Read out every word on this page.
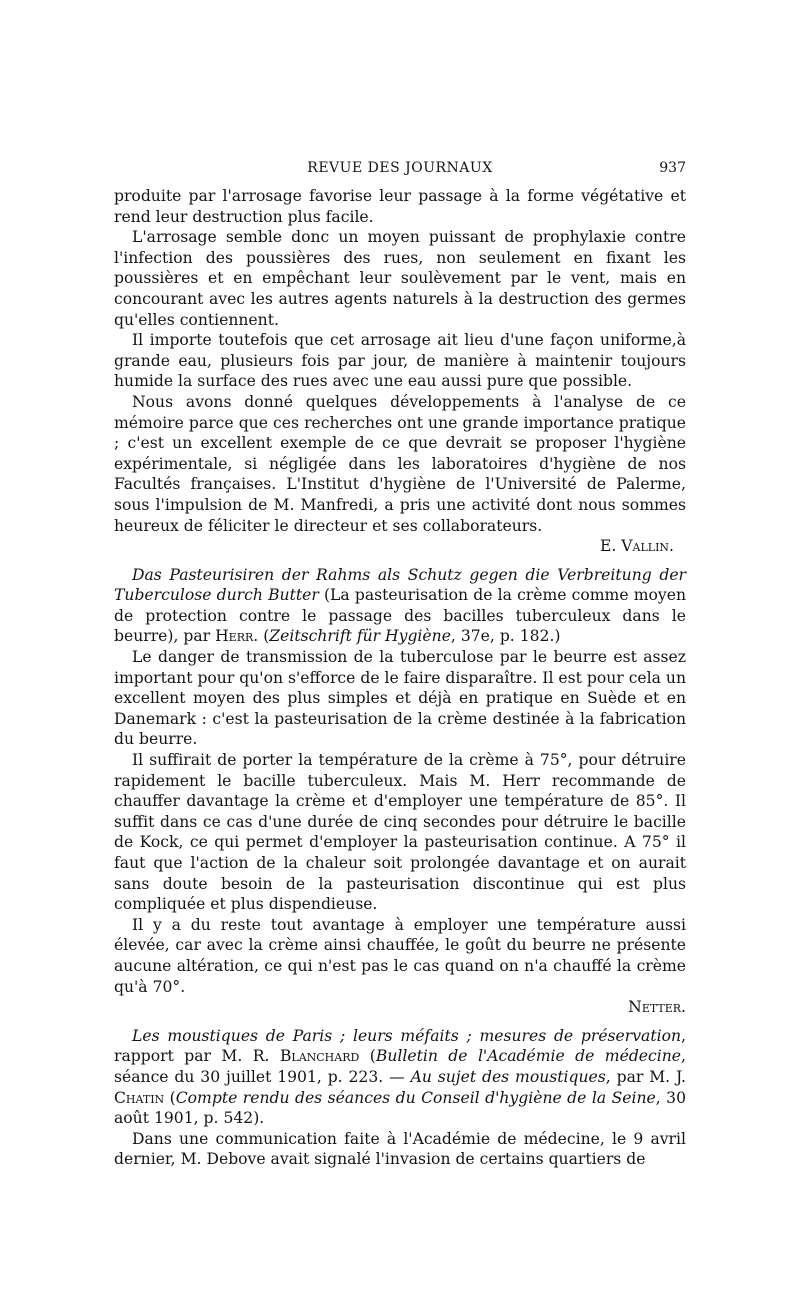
REVUE DES JOURNAUX	937

produite par l'arrosage favorise leur passage à la forme végétative et rend leur destruction plus facile.

L'arrosage semble donc un moyen puissant de prophylaxie contre l'infection des poussières des rues, non seulement en fixant les poussières et en empêchant leur soulèvement par le vent, mais en concourant avec les autres agents naturels à la destruction des germes qu'elles contiennent.

Il importe toutefois que cet arrosage ait lieu d'une façon uniforme,à grande eau, plusieurs fois par jour, de manière à maintenir toujours humide la surface des rues avec une eau aussi pure que possible.

Nous avons donné quelques développements à l'analyse de ce mémoire parce que ces recherches ont une grande importance pratique ; c'est un excellent exemple de ce que devrait se proposer l'hygiène expérimentale, si négligée dans les laboratoires d'hygiène de nos Facultés françaises. L'Institut d'hygiène de l'Université de Palerme, sous l'impulsion de M. Manfredi, a pris une activité dont nous sommes heureux de féliciter le directeur et ses collaborateurs.

E. Vallin.

Das Pasteurisiren der Rahms als Schutz gegen die Verbreitung der Tuberculose durch Butter (La pasteurisation de la crème comme moyen de protection contre le passage des bacilles tuberculeux dans le beurre), par Herr. (Zeitschrift für Hygiène, 37e, p. 182.)

Le danger de transmission de la tuberculose par le beurre est assez important pour qu'on s'efforce de le faire disparaître. Il est pour cela un excellent moyen des plus simples et déjà en pratique en Suède et en Danemark : c'est la pasteurisation de la crème destinée à la fabrication du beurre.

Il suffirait de porter la température de la crème à 75°, pour détruire rapidement le bacille tuberculeux. Mais M. Herr recommande de chauffer davantage la crème et d'employer une température de 85°. Il suffit dans ce cas d'une durée de cinq secondes pour détruire le bacille de Kock, ce qui permet d'employer la pasteurisation continue. A 75° il faut que l'action de la chaleur soit prolongée davantage et on aurait sans doute besoin de la pasteurisation discontinue qui est plus compliquée et plus dispendieuse.

Il y a du reste tout avantage à employer une température aussi élevée, car avec la crème ainsi chauffée, le goût du beurre ne présente aucune altération, ce qui n'est pas le cas quand on n'a chauffé la crème qu'à 70°.

Netter.

Les moustiques de Paris ; leurs méfaits ; mesures de préservation, rapport par M. R. Blanchard (Bulletin de l'Académie de médecine, séance du 30 juillet 1901, p. 223. — Au sujet des moustiques, par M. J. Chatin (Compte rendu des séances du Conseil d'hygiène de la Seine, 30 août 1901, p. 542).

Dans une communication faite à l'Académie de médecine, le 9 avril dernier, M. Debove avait signalé l'invasion de certains quartiers de
